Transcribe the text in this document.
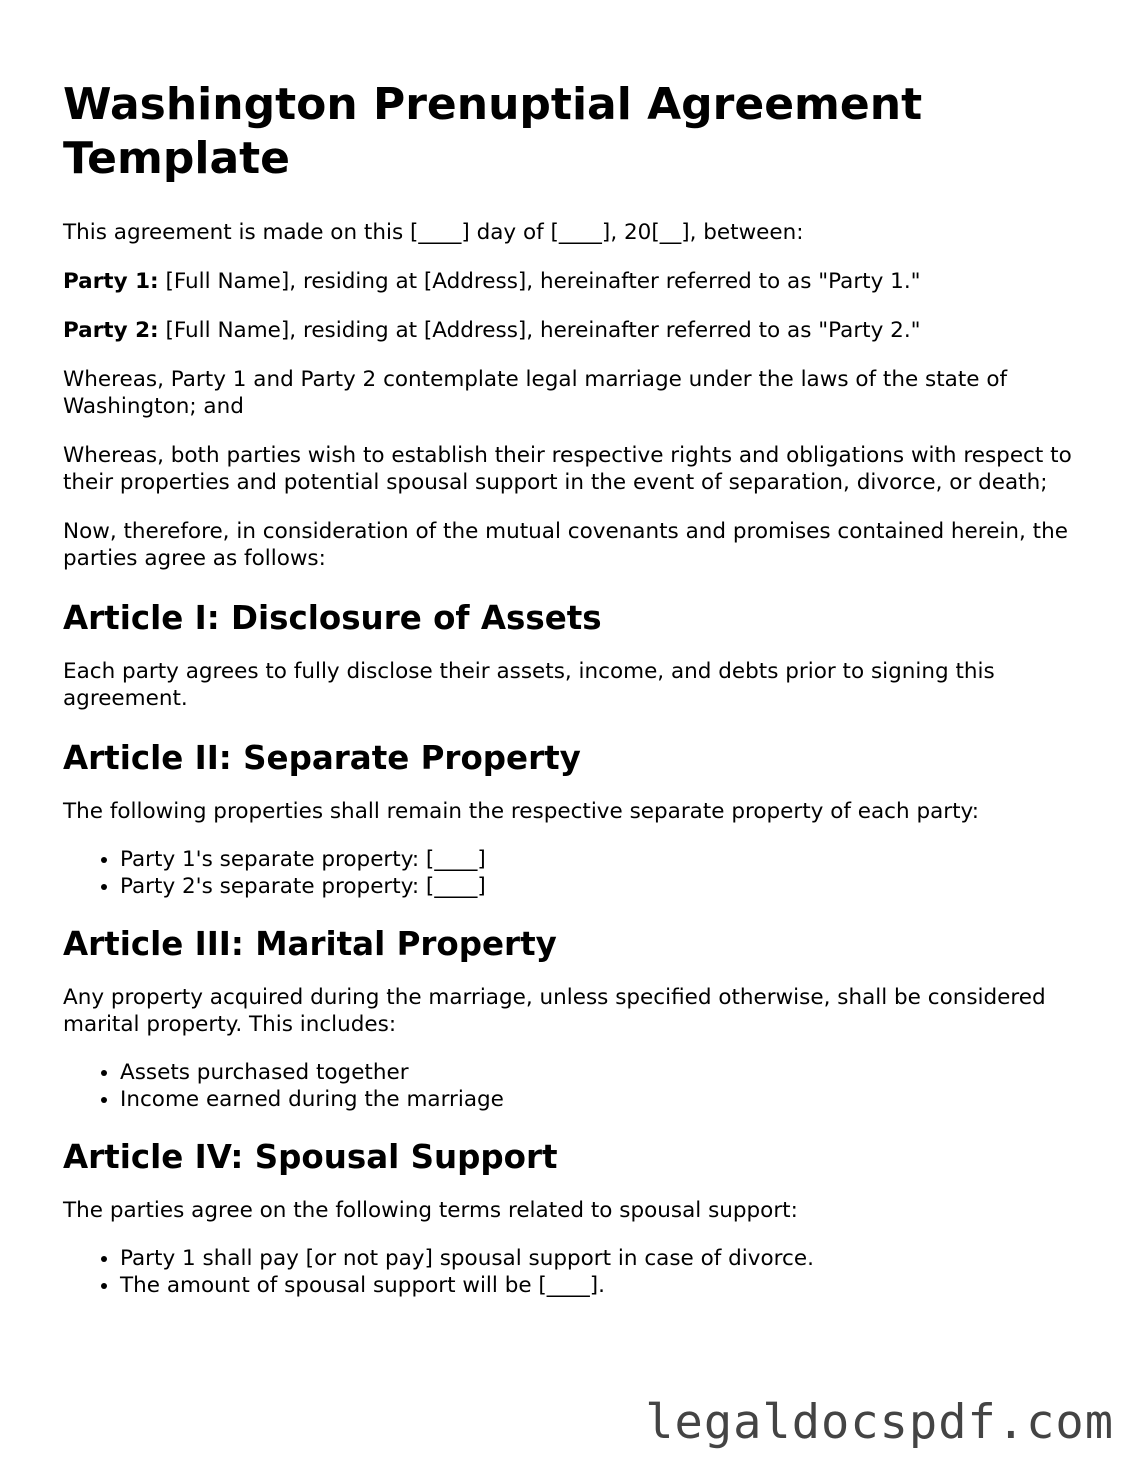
Washington Prenuptial Agreement Template

This agreement is made on this [____] day of [____], 20[__], between:

Party 1: [Full Name], residing at [Address], hereinafter referred to as "Party 1."

Party 2: [Full Name], residing at [Address], hereinafter referred to as "Party 2."

Whereas, Party 1 and Party 2 contemplate legal marriage under the laws of the state of Washington; and

Whereas, both parties wish to establish their respective rights and obligations with respect to their properties and potential spousal support in the event of separation, divorce, or death;

Now, therefore, in consideration of the mutual covenants and promises contained herein, the parties agree as follows:

Article I: Disclosure of Assets

Each party agrees to fully disclose their assets, income, and debts prior to signing this agreement.

Article II: Separate Property

The following properties shall remain the respective separate property of each party:

• Party 1's separate property: [____]
• Party 2's separate property: [____]
Article III: Marital Property

Any property acquired during the marriage, unless specified otherwise, shall be considered marital property. This includes:

• Assets purchased together
• Income earned during the marriage
Article IV: Spousal Support

The parties agree on the following terms related to spousal support:

• Party 1 shall pay [or not pay] spousal support in case of divorce.
• The amount of spousal support will be [____].
legaldocspdf.com
